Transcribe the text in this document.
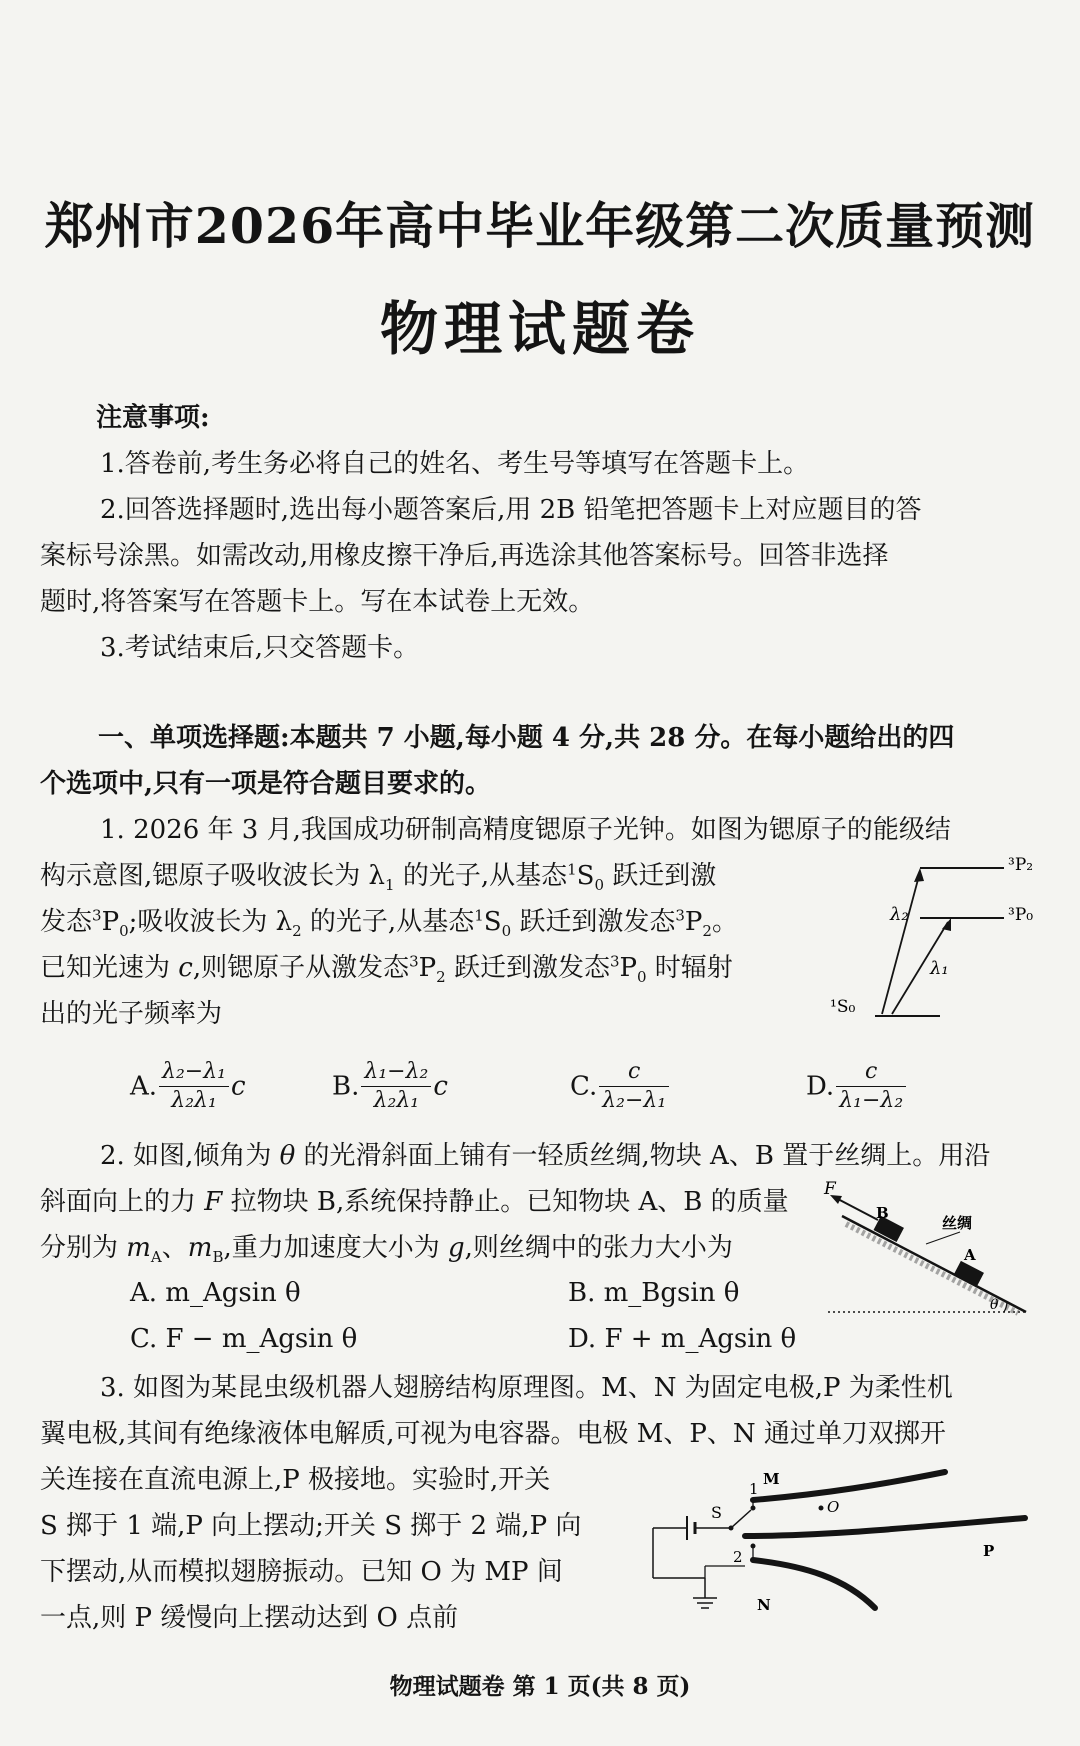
郑州市2026年高中毕业年级第二次质量预测
物理试题卷
注意事项:
1.答卷前,考生务必将自己的姓名、考生号等填写在答题卡上。
2.回答选择题时,选出每小题答案后,用 2B 铅笔把答题卡上对应题目的答
案标号涂黑。如需改动,用橡皮擦干净后,再选涂其他答案标号。回答非选择
题时,将答案写在答题卡上。写在本试卷上无效。
3.考试结束后,只交答题卡。
一、单项选择题:本题共 7 小题,每小题 4 分,共 28 分。在每小题给出的四
个选项中,只有一项是符合题目要求的。
1. 2026 年 3 月,我国成功研制高精度锶原子光钟。如图为锶原子的能级结
构示意图,锶原子吸收波长为 $\lambda_1$ 的光子,从基态$^1S_0$ 跃迁到激
发态$^3P_0$;吸收波长为 $\lambda_2$ 的光子,从基态$^1S_0$ 跃迁到激发态$^3P_2$。
已知光速为 c,则锶原子从激发态$^3P_2$ 跃迁到激发态$^3P_0$ 时辐射
出的光子频率为
³P₂
³P₀
¹S₀
λ₂
λ₁
A. $\frac{\text{λ₂−λ₁}}{\text{λ₂λ₁}}$ c	B. $\frac{\text{λ₁−λ₂}}{\text{λ₂λ₁}}$ c	C. $\frac{c}{\text{λ₂−λ₁}}$	D. $\frac{c}{\text{λ₁−λ₂}}$
2. 如图,倾角为 θ 的光滑斜面上铺有一轻质丝绸,物块 A、B 置于丝绸上。用沿
斜面向上的力 F 拉物块 B,系统保持静止。已知物块 A、B 的质量
分别为 $m_A$、$m_B$,重力加速度大小为 g,则丝绸中的张力大小为
A. m_Agsin θ	B. m_Bgsin θ
C. F − m_Agsin θ	D. F + m_Agsin θ
F
B
A
丝绸
θ
3. 如图为某昆虫级机器人翅膀结构原理图。M、N 为固定电极,P 为柔性机
翼电极,其间有绝缘液体电解质,可视为电容器。电极 M、P、N 通过单刀双掷开
关连接在直流电源上,P 极接地。实验时,开关
S 掷于 1 端,P 向上摆动;开关 S 掷于 2 端,P 向
下摆动,从而模拟翅膀振动。已知 O 为 MP 间
一点,则 P 缓慢向上摆动达到 O 点前
S
1
2
M
O
P
N
物理试题卷 第 1 页(共 8 页)
